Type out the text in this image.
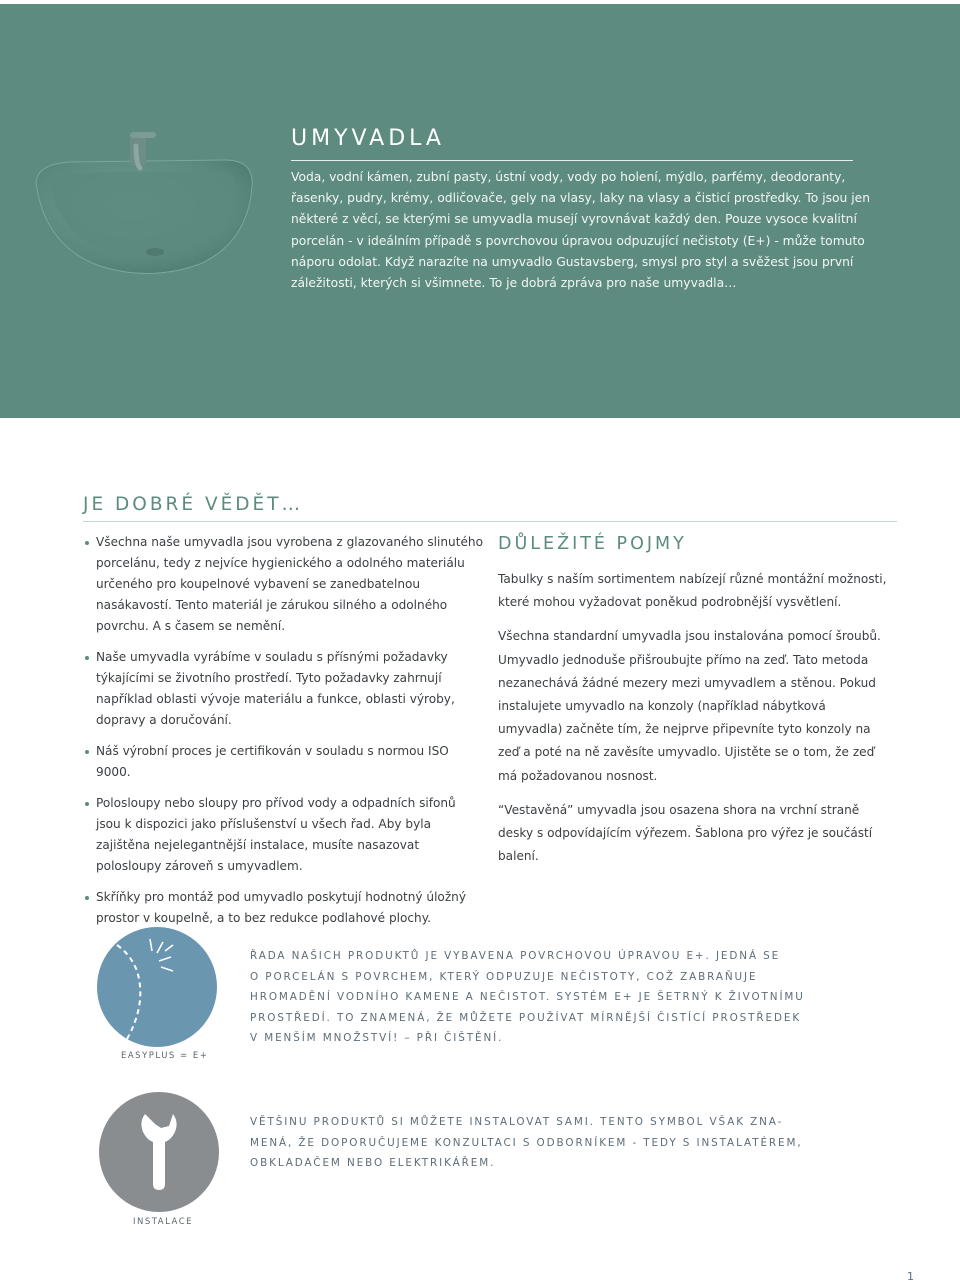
UMYVADLA

Voda, vodní kámen, zubní pasty, ústní vody, vody po holení, mýdlo, parfémy, deodoranty, řasenky, pudry, krémy, odličovače, gely na vlasy, laky na vlasy a čisticí prostředky. To jsou jen některé z věcí, se kterými se umyvadla musejí vyrovnávat každý den. Pouze vysoce kvalitní porcelán - v ideálním případě s povrchovou úpravou odpuzující nečistoty (E+) - může tomuto náporu odolat. Když narazíte na umyvadlo Gustavsberg, smysl pro styl a svěžest jsou první záležitosti, kterých si všimnete. To je dobrá zpráva pro naše umyvadla…

JE DOBRÉ VĚDĚT…
Všechna naše umyvadla jsou vyrobena z glazovaného slinutého porcelánu, tedy z nejvíce hygienického a odolného materiálu určeného pro koupelnové vybavení se zanedbatelnou nasákavostí. Tento materiál je zárukou silného a odolného povrchu. A s časem se nemění.
Naše umyvadla vyrábíme v souladu s přísnými požadavky týkajícími se životního prostředí. Tyto požadavky zahrnují například oblasti vývoje materiálu a funkce, oblasti výroby, dopravy a doručování.
Náš výrobní proces je certifikován v souladu s normou ISO 9000.
Polosloupy nebo sloupy pro přívod vody a odpadních sifonů jsou k dispozici jako příslušenství u všech řad. Aby byla zajištěna nejelegantnější instalace, musíte nasazovat polosloupy zároveň s umyvadlem.
Skříňky pro montáž pod umyvadlo poskytují hodnotný úložný prostor v koupelně, a to bez redukce podlahové plochy.
DŮLEŽITÉ POJMY

Tabulky s naším sortimentem nabízejí různé montážní možnosti, které mohou vyžadovat poněkud podrobnější vysvětlení.

Všechna standardní umyvadla jsou instalována pomocí šroubů. Umyvadlo jednoduše přišroubujte přímo na zeď. Tato metoda nezanechává žádné mezery mezi umyvadlem a stěnou. Pokud instalujete umyvadlo na konzoly (například nábytková umyvadla) začněte tím, že nejprve připevníte tyto konzoly na zeď a poté na ně zavěsíte umyvadlo. Ujistěte se o tom, že zeď má požadovanou nosnost.

“Vestavěná” umyvadla jsou osazena shora na vrchní straně desky s odpovídajícím výřezem. Šablona pro výřez je součástí balení.

EASYPLUS = E+
ŘADA NAŠICH PRODUKTŮ JE VYBAVENA POVRCHOVOU ÚPRAVOU E+. JEDNÁ SE
O PORCELÁN S POVRCHEM, KTERÝ ODPUZUJE NEČISTOTY, COŽ ZABRAŇUJE
HROMADĚNÍ VODNÍHO KAMENE A NEČISTOT. SYSTÉM E+ JE ŠETRNÝ K ŽIVOTNÍMU
PROSTŘEDÍ. TO ZNAMENÁ, ŽE MŮŽETE POUŽÍVAT MÍRNĚJŠÍ ČISTÍCÍ PROSTŘEDEK
V MENŠÍM MNOŽSTVÍ! – PŘI ČIŠTĚNÍ.
INSTALACE
VĚTŠINU PRODUKTŮ SI MŮŽETE INSTALOVAT SAMI. TENTO SYMBOL VŠAK ZNA-
MENÁ, ŽE DOPORUČUJEME KONZULTACI S ODBORNÍKEM - TEDY S INSTALATÉREM,
OBKLADAČEM NEBO ELEKTRIKÁŘEM.
1
